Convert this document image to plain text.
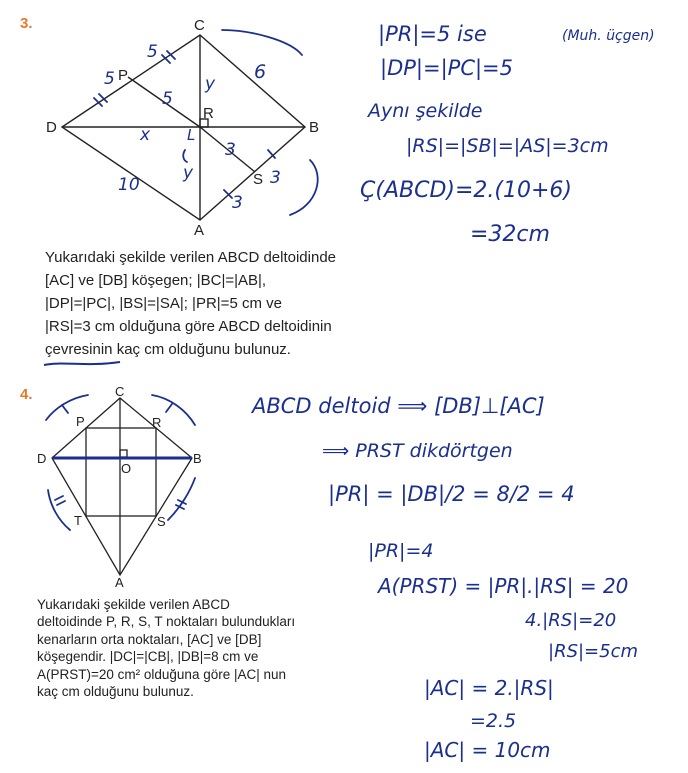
3.	C
P
R
D	B
S
A
5
5
5
y
L
x
y
3
3
3
10
6
Yukarıdaki şekilde verilen ABCD deltoidinde
[AC] ve [DB] köşegen; |BC|=|AB|,
|DP|=|PC|, |BS|=|SA|; |PR|=5 cm ve
|RS|=3 cm olduğuna göre ABCD deltoidinin
çevresinin kaç cm olduğunu bulunuz.
|PR|=5 ise	(Muh. üçgen)
|DP|=|PC|=5
Aynı şekilde
|RS|=|SB|=|AS|=3cm
Ç(ABCD)=2.(10+6)
=32cm
4.	C
P	R
D
O
B
T	S
A
Yukarıdaki şekilde verilen ABCD
deltoidinde P, R, S, T noktaları bulundukları
kenarların orta noktaları, [AC] ve [DB]
köşegendir. |DC|=|CB|, |DB|=8 cm ve
A(PRST)=20 cm² olduğuna göre |AC| nun
kaç cm olduğunu bulunuz.
ABCD deltoid ⟹ [DB]⊥[AC]
⟹ PRST dikdörtgen
|PR| = |DB|/2 = 8/2 = 4
|PR|=4
A(PRST) = |PR|.|RS| = 20
4.|RS|=20
|RS|=5cm
|AC| = 2.|RS|
=2.5
|AC| = 10cm
